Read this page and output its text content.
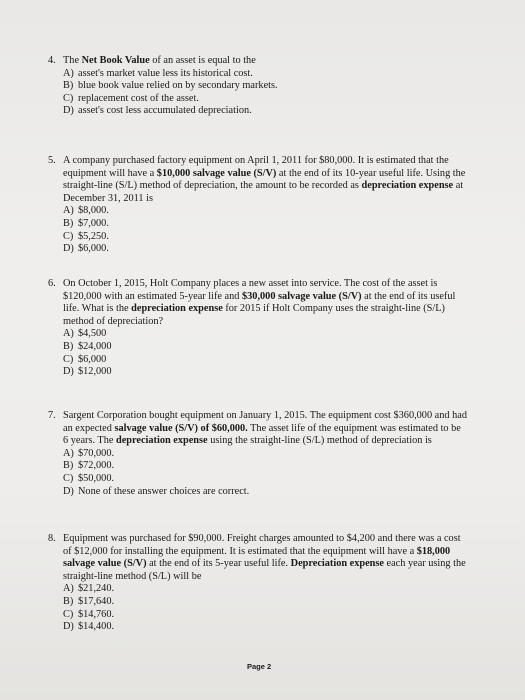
4. The Net Book Value of an asset is equal to the
A) asset's market value less its historical cost.
B) blue book value relied on by secondary markets.
C) replacement cost of the asset.
D) asset's cost less accumulated depreciation.
5. A company purchased factory equipment on April 1, 2011 for $80,000. It is estimated that the equipment will have a $10,000 salvage value (S/V) at the end of its 10-year useful life. Using the straight-line (S/L) method of depreciation, the amount to be recorded as depreciation expense at December 31, 2011 is
A) $8,000.
B) $7,000.
C) $5,250.
D) $6,000.
6. On October 1, 2015, Holt Company places a new asset into service. The cost of the asset is $120,000 with an estimated 5-year life and $30,000 salvage value (S/V) at the end of its useful life. What is the depreciation expense for 2015 if Holt Company uses the straight-line (S/L) method of depreciation?
A) $4,500
B) $24,000
C) $6,000
D) $12,000
7. Sargent Corporation bought equipment on January 1, 2015. The equipment cost $360,000 and had an expected salvage value (S/V) of $60,000. The asset life of the equipment was estimated to be 6 years. The depreciation expense using the straight-line (S/L) method of depreciation is
A) $70,000.
B) $72,000.
C) $50,000.
D) None of these answer choices are correct.
8. Equipment was purchased for $90,000. Freight charges amounted to $4,200 and there was a cost of $12,000 for installing the equipment. It is estimated that the equipment will have a $18,000 salvage value (S/V) at the end of its 5-year useful life. Depreciation expense each year using the straight-line method (S/L) will be
A) $21,240.
B) $17,640.
C) $14,760.
D) $14,400.
Page 2
